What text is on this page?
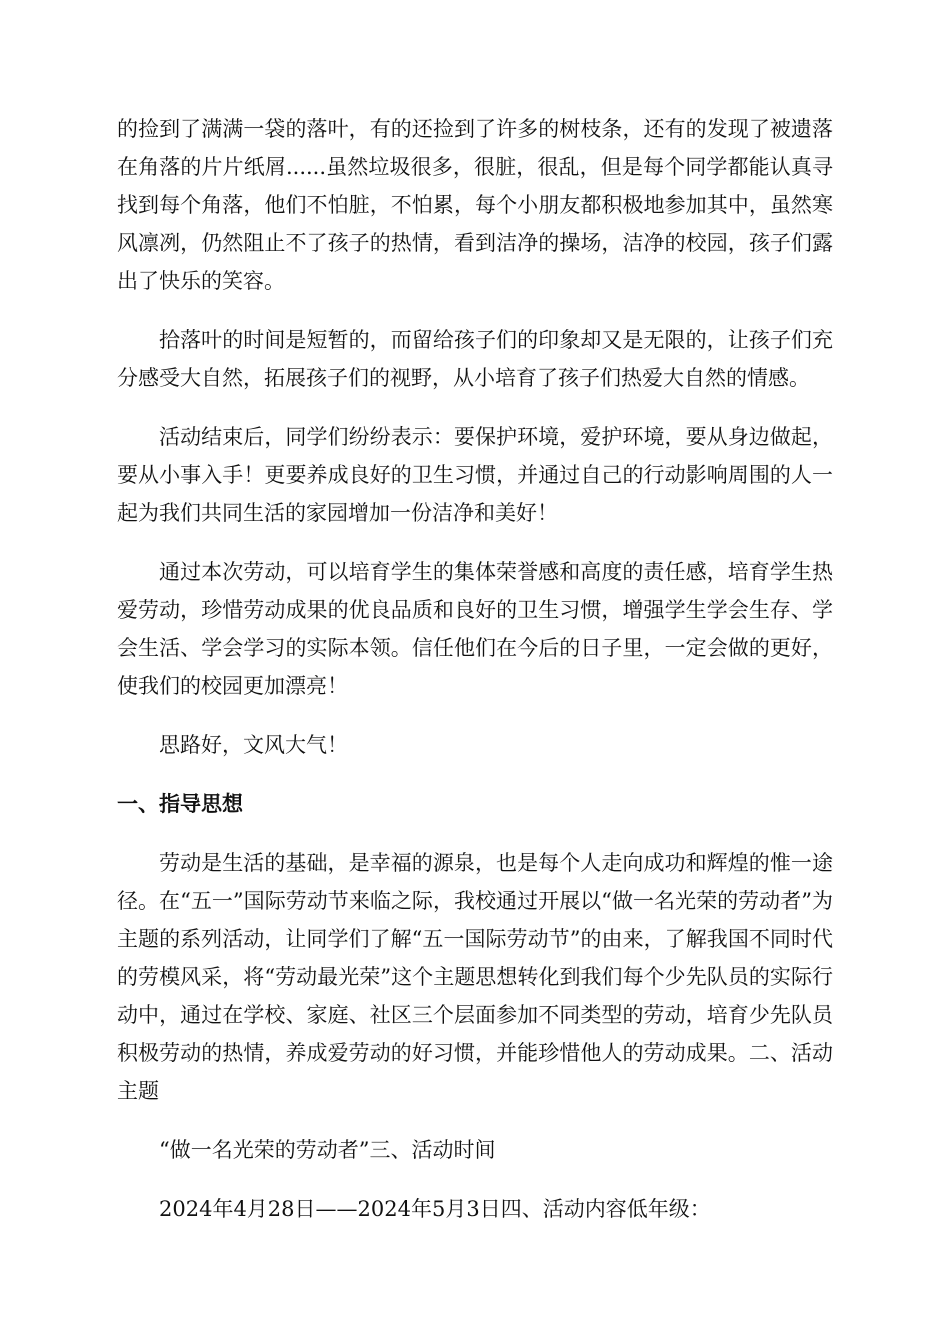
的捡到了满满一袋的落叶，有的还捡到了许多的树枝条，还有的发现了被遗落在角落的片片纸屑......虽然垃圾很多，很脏，很乱，但是每个同学都能认真寻找到每个角落，他们不怕脏，不怕累，每个小朋友都积极地参加其中，虽然寒风凛冽，仍然阻止不了孩子的热情，看到洁净的操场，洁净的校园，孩子们露出了快乐的笑容。

拾落叶的时间是短暂的，而留给孩子们的印象却又是无限的，让孩子们充分感受大自然，拓展孩子们的视野，从小培育了孩子们热爱大自然的情感。

活动结束后，同学们纷纷表示：要保护环境，爱护环境，要从身边做起，要从小事入手！更要养成良好的卫生习惯，并通过自己的行动影响周围的人一起为我们共同生活的家园增加一份洁净和美好！

通过本次劳动，可以培育学生的集体荣誉感和高度的责任感，培育学生热爱劳动，珍惜劳动成果的优良品质和良好的卫生习惯，增强学生学会生存、学会生活、学会学习的实际本领。信任他们在今后的日子里，一定会做的更好，使我们的校园更加漂亮！

思路好，文风大气！

一、指导思想

劳动是生活的基础，是幸福的源泉，也是每个人走向成功和辉煌的惟一途径。在“五一”国际劳动节来临之际，我校通过开展以“做一名光荣的劳动者”为主题的系列活动，让同学们了解“五一国际劳动节”的由来，了解我国不同时代的劳模风采，将“劳动最光荣”这个主题思想转化到我们每个少先队员的实际行动中，通过在学校、家庭、社区三个层面参加不同类型的劳动，培育少先队员积极劳动的热情，养成爱劳动的好习惯，并能珍惜他人的劳动成果。二、活动主题

“做一名光荣的劳动者”三、活动时间

2024年4月28日——2024年5月3日四、活动内容低年级：
